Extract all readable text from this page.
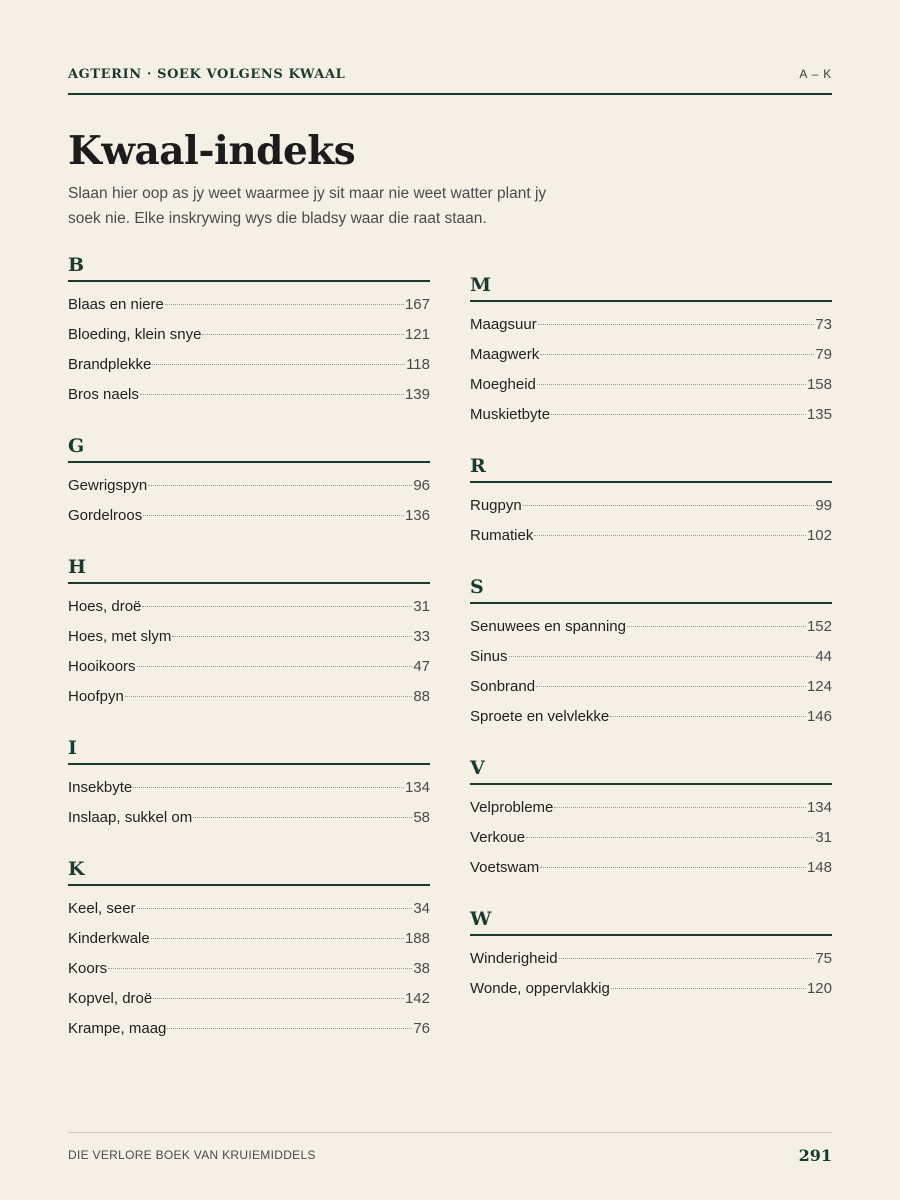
AGTERIN · SOEK VOLGENS KWAAL	A – K
Kwaal-indeks

Slaan hier oop as jy weet waarmee jy sit maar nie weet watter plant jy soek nie. Elke inskrywing wys die bladsy waar die raat staan.

B
Blaas en niere	167
Bloeding, klein snye	121
Brandplekke	118
Bros naels	139
G
Gewrigspyn	96
Gordelroos	136
H
Hoes, droë	31
Hoes, met slym	33
Hooikoors	47
Hoofpyn	88
I
Insekbyte	134
Inslaap, sukkel om	58
K
Keel, seer	34
Kinderkwale	188
Koors	38
Kopvel, droë	142
Krampe, maag	76
M
Maagsuur	73
Maagwerk	79
Moegheid	158
Muskietbyte	135
R
Rugpyn	99
Rumatiek	102
S
Senuwees en spanning	152
Sinus	44
Sonbrand	124
Sproete en velvlekke	146
V
Velprobleme	134
Verkoue	31
Voetswam	148
W
Winderigheid	75
Wonde, oppervlakkig	120
DIE VERLORE BOEK VAN KRUIEMIDDELS	291
